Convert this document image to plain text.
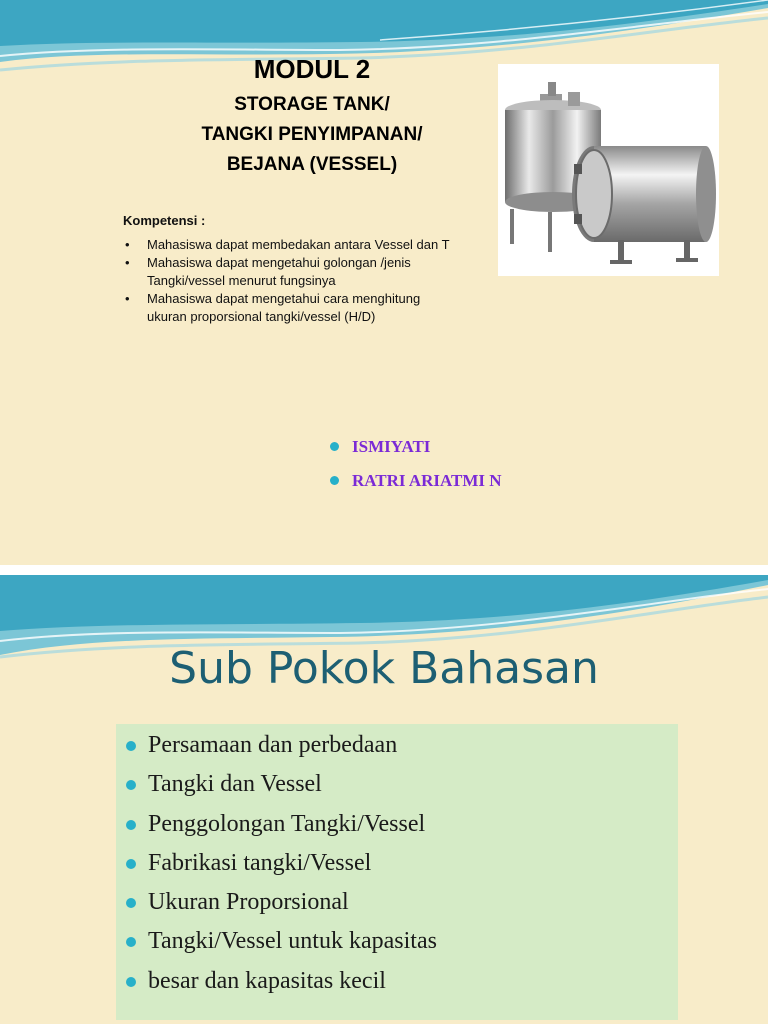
MODUL 2
STORAGE TANK/
TANGKI PENYIMPANAN/
BEJANA (VESSEL)
Kompetensi :
• Mahasiswa dapat membedakan antara Vessel dan T
• Mahasiswa dapat mengetahui golongan /jenis
Tangki/vessel menurut fungsinya
• Mahasiswa dapat mengetahui cara menghitung
ukuran proporsional tangki/vessel (H/D)
ISMIYATI
RATRI ARIATMI N
Sub Pokok Bahasan
Persamaan dan perbedaan
Tangki dan Vessel
Penggolongan Tangki/Vessel
Fabrikasi tangki/Vessel
Ukuran Proporsional
Tangki/Vessel untuk kapasitas
besar dan kapasitas kecil
